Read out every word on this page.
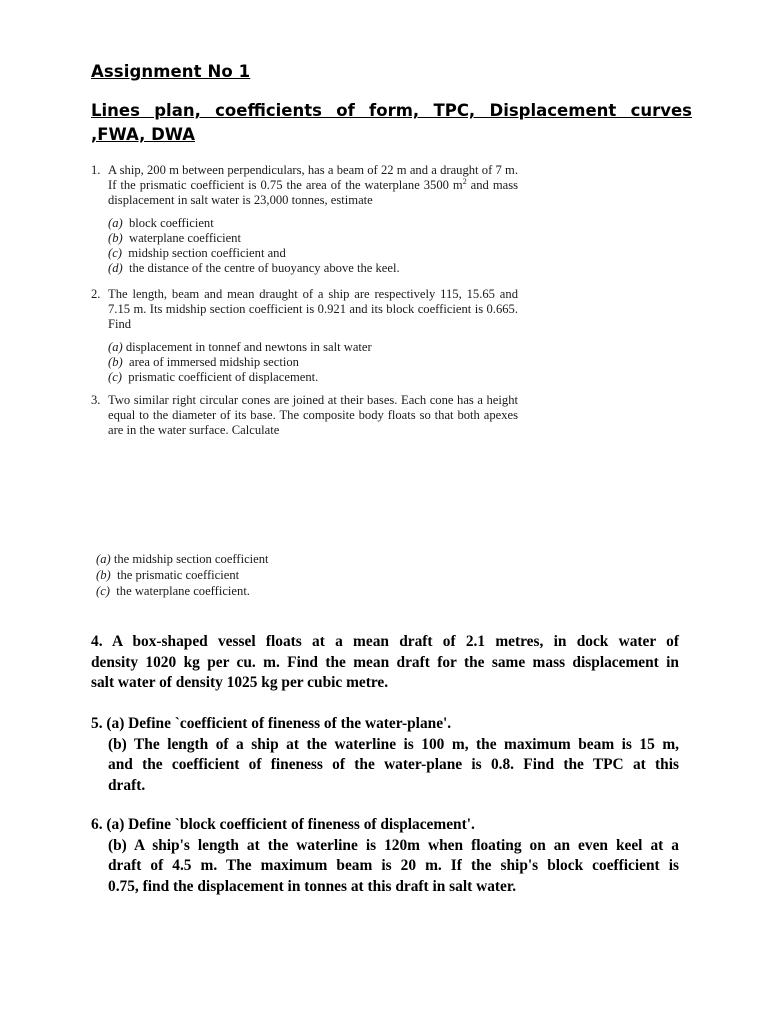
Assignment No 1
Lines plan, coefficients of form, TPC, Displacement curves ,FWA, DWA
1. A ship, 200 m between perpendiculars, has a beam of 22 m and a draught of 7 m. If the prismatic coefficient is 0.75 the area of the waterplane 3500 $m^2$ and mass displacement in salt water is 23,000 tonnes, estimate
(a) block coefficient
(b) waterplane coefficient
(c) midship section coefficient and
(d) the distance of the centre of buoyancy above the keel.
2. The length, beam and mean draught of a ship are respectively 115, 15.65 and 7.15 m. Its midship section coefficient is 0.921 and its block coefficient is 0.665. Find
(a) displacement in tonnef and newtons in salt water
(b) area of immersed midship section
(c) prismatic coefficient of displacement.
3. Two similar right circular cones are joined at their bases. Each cone has a height equal to the diameter of its base. The composite body floats so that both apexes are in the water surface. Calculate
(a) the midship section coefficient
(b) the prismatic coefficient
(c) the waterplane coefficient.
4. A box-shaped vessel floats at a mean draft of 2.1 metres, in dock water of
density 1020 kg per cu. m. Find the mean draft for the same mass displacement in
salt water of density 1025 kg per cubic metre.
5. (a) Define `coefficient of fineness of the water-plane'.
(b) The length of a ship at the waterline is 100 m, the maximum beam is 15 m,
and the coefficient of fineness of the water-plane is 0.8. Find the TPC at this
draft.
6. (a) Define `block coefficient of fineness of displacement'.
(b) A ship's length at the waterline is 120m when floating on an even keel at a
draft of 4.5 m. The maximum beam is 20 m. If the ship's block coefficient is
0.75, find the displacement in tonnes at this draft in salt water.
